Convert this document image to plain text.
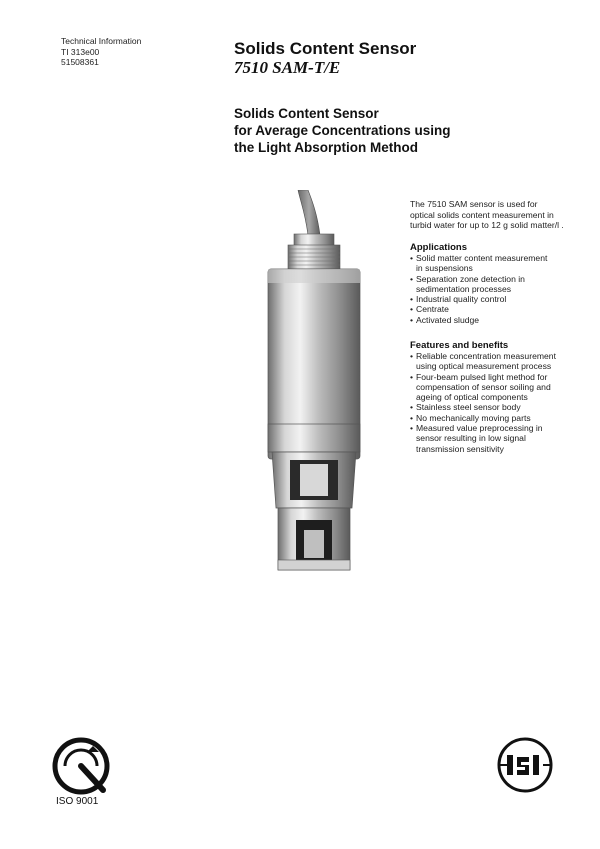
Technical Information
TI 313e00
51508361
Solids Content Sensor
7510 SAM-T/E
Solids Content Sensor
for Average Concentrations using
the Light Absorption Method
The 7510 SAM sensor is used for
optical solids content measurement in
turbid water for up to 12 g solid matter/l .
Applications
• Solid matter content measurement
in suspensions
• Separation zone detection in
sedimentation processes
• Industrial quality control
• Centrate
• Activated sludge
Features and benefits
• Reliable concentration measurement
using optical measurement process
• Four-beam pulsed light method for
compensation of sensor soiling and
ageing of optical components
• Stainless steel sensor body
• No mechanically moving parts
• Measured value preprocessing in
sensor resulting in low signal
transmission sensitivity
ISO 9001
